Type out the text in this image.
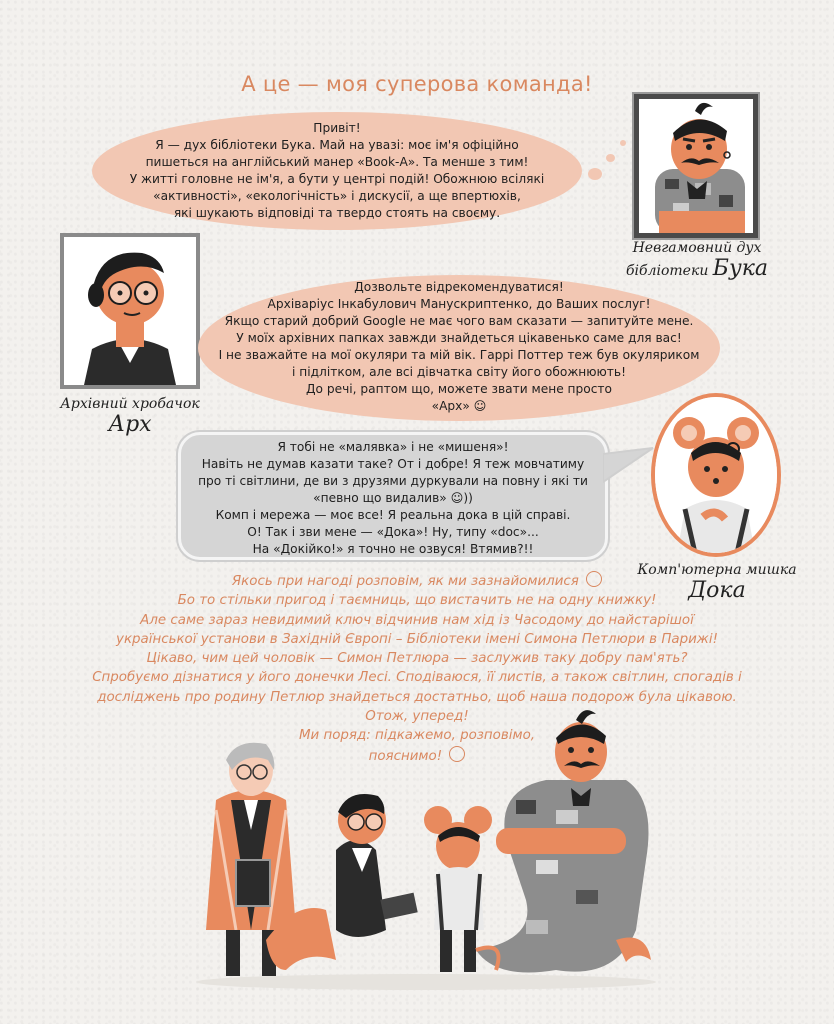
А це — моя суперова команда!
Привіт!
Я — дух бібліотеки Бука. Май на увазі: моє ім'я офіційно
пишеться на англійський манер «Book-А». Та менше з тим!
У житті головне не ім'я, а бути у центрі подій! Обожнюю всілякі
«активності», «екологічність» і дискусії, а ще впертюхів,
які шукають відповіді та твердо стоять на своєму.
Невгамовний дух
бібліотеки Бука
Архівний хробачок
Арх
Дозвольте відрекомендуватися!
Архіваріус Інкабулович Манускриптенко, до Ваших послуг!
Якщо старий добрий Google не має чого вам сказати — запитуйте мене.
У моїх архівних папках завжди знайдеться цікавенько саме для вас!
І не зважайте на мої окуляри та мій вік. Гаррі Поттер теж був окуляриком
і підлітком, але всі дівчатка світу його обожнюють!
До речі, раптом що, можете звати мене просто
«Арх» ☺
Я тобі не «малявка» і не «мишеня»!
Навіть не думав казати таке? От і добре! Я теж мовчатиму
про ті світлини, де ви з друзями дуркували на повну і які ти
«певно що видалив» ☺))
Комп і мережа — моє все! Я реальна дока в цій справі.
О! Так і зви мене — «Дока»! Ну, типу «doc»...
На «Докійко!» я точно не озвуся! Втямив?!!
Комп'ютерна мишка
Дока
Якось при нагоді розповім, як ми зазнайомилися
Бо то стільки пригод і таємниць, що вистачить не на одну книжку!
Але саме зараз невидимий ключ відчинив нам хід із Часодому до найстарішої
української установи в Західній Європі – Бібліотеки імені Симона Петлюри в Парижі!
Цікаво, чим цей чоловік — Симон Петлюра — заслужив таку добру пам'ять?
Спробуємо дізнатися у його донечки Лесі. Сподіваюся, її листів, а також світлин, спогадів і
досліджень про родину Петлюр знайдеться достатньо, щоб наша подорож була цікавою.
Отож, уперед!
Ми поряд: підкажемо, розповімо,
пояснимо!
